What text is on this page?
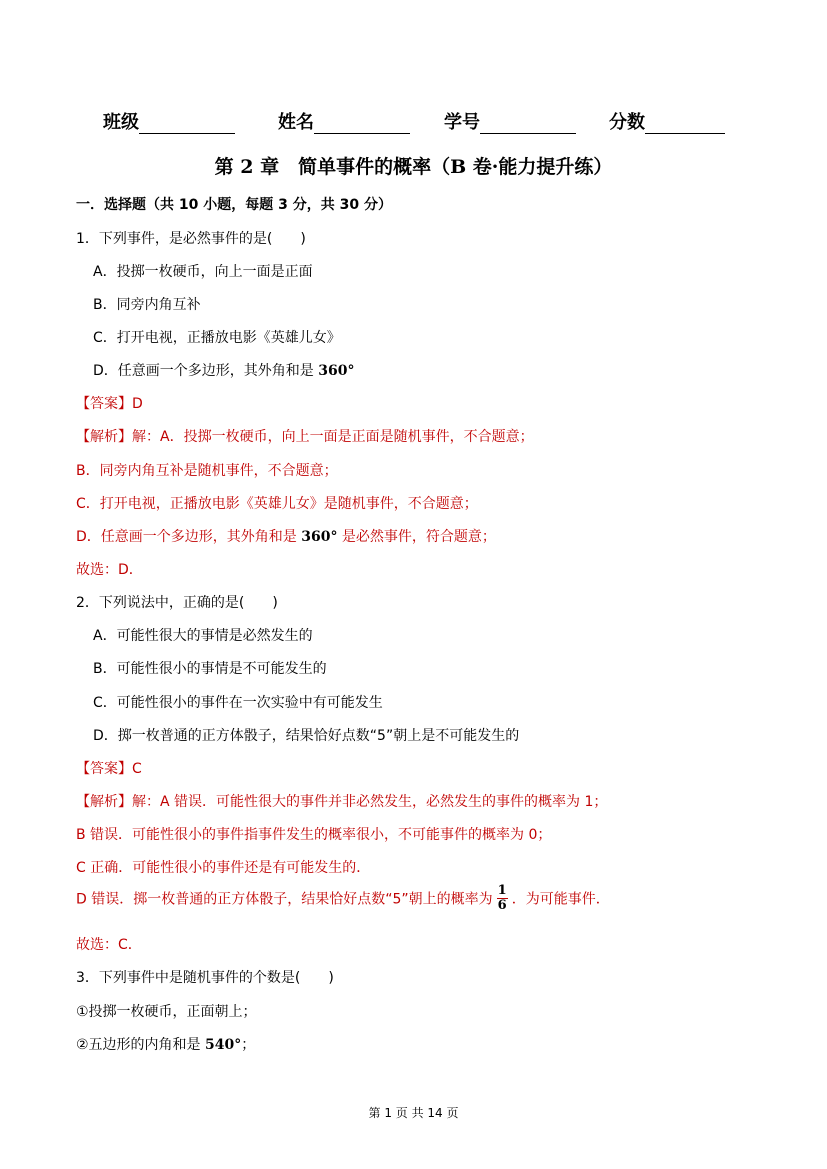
班级	姓名	学号	分数
第 2 章　简单事件的概率（B 卷·能力提升练）
一．选择题（共 10 小题，每题 3 分，共 30 分）
1．下列事件，是必然事件的是(　　)
A．投掷一枚硬币，向上一面是正面
B．同旁内角互补
C．打开电视，正播放电影《英雄儿女》
D．任意画一个多边形，其外角和是 360°
【答案】D
【解析】解：A．投掷一枚硬币，向上一面是正面是随机事件，不合题意；
B．同旁内角互补是随机事件，不合题意；
C．打开电视，正播放电影《英雄儿女》是随机事件，不合题意；
D．任意画一个多边形，其外角和是 360° 是必然事件，符合题意；
故选：D．
2．下列说法中，正确的是(　　)
A．可能性很大的事情是必然发生的
B．可能性很小的事情是不可能发生的
C．可能性很小的事件在一次实验中有可能发生
D．掷一枚普通的正方体骰子，结果恰好点数“5”朝上是不可能发生的
【答案】C
【解析】解：A 错误．可能性很大的事件并非必然发生，必然发生的事件的概率为 1；
B 错误．可能性很小的事件指事件发生的概率很小，不可能事件的概率为 0；
C 正确．可能性很小的事件还是有可能发生的．
D 错误．掷一枚普通的正方体骰子，结果恰好点数“5”朝上的概率为 $\frac{1}{6}$ ．为可能事件．
故选：C．
3．下列事件中是随机事件的个数是(　　)
①投掷一枚硬币，正面朝上；
②五边形的内角和是 540°；
第 1 页 共 14 页
